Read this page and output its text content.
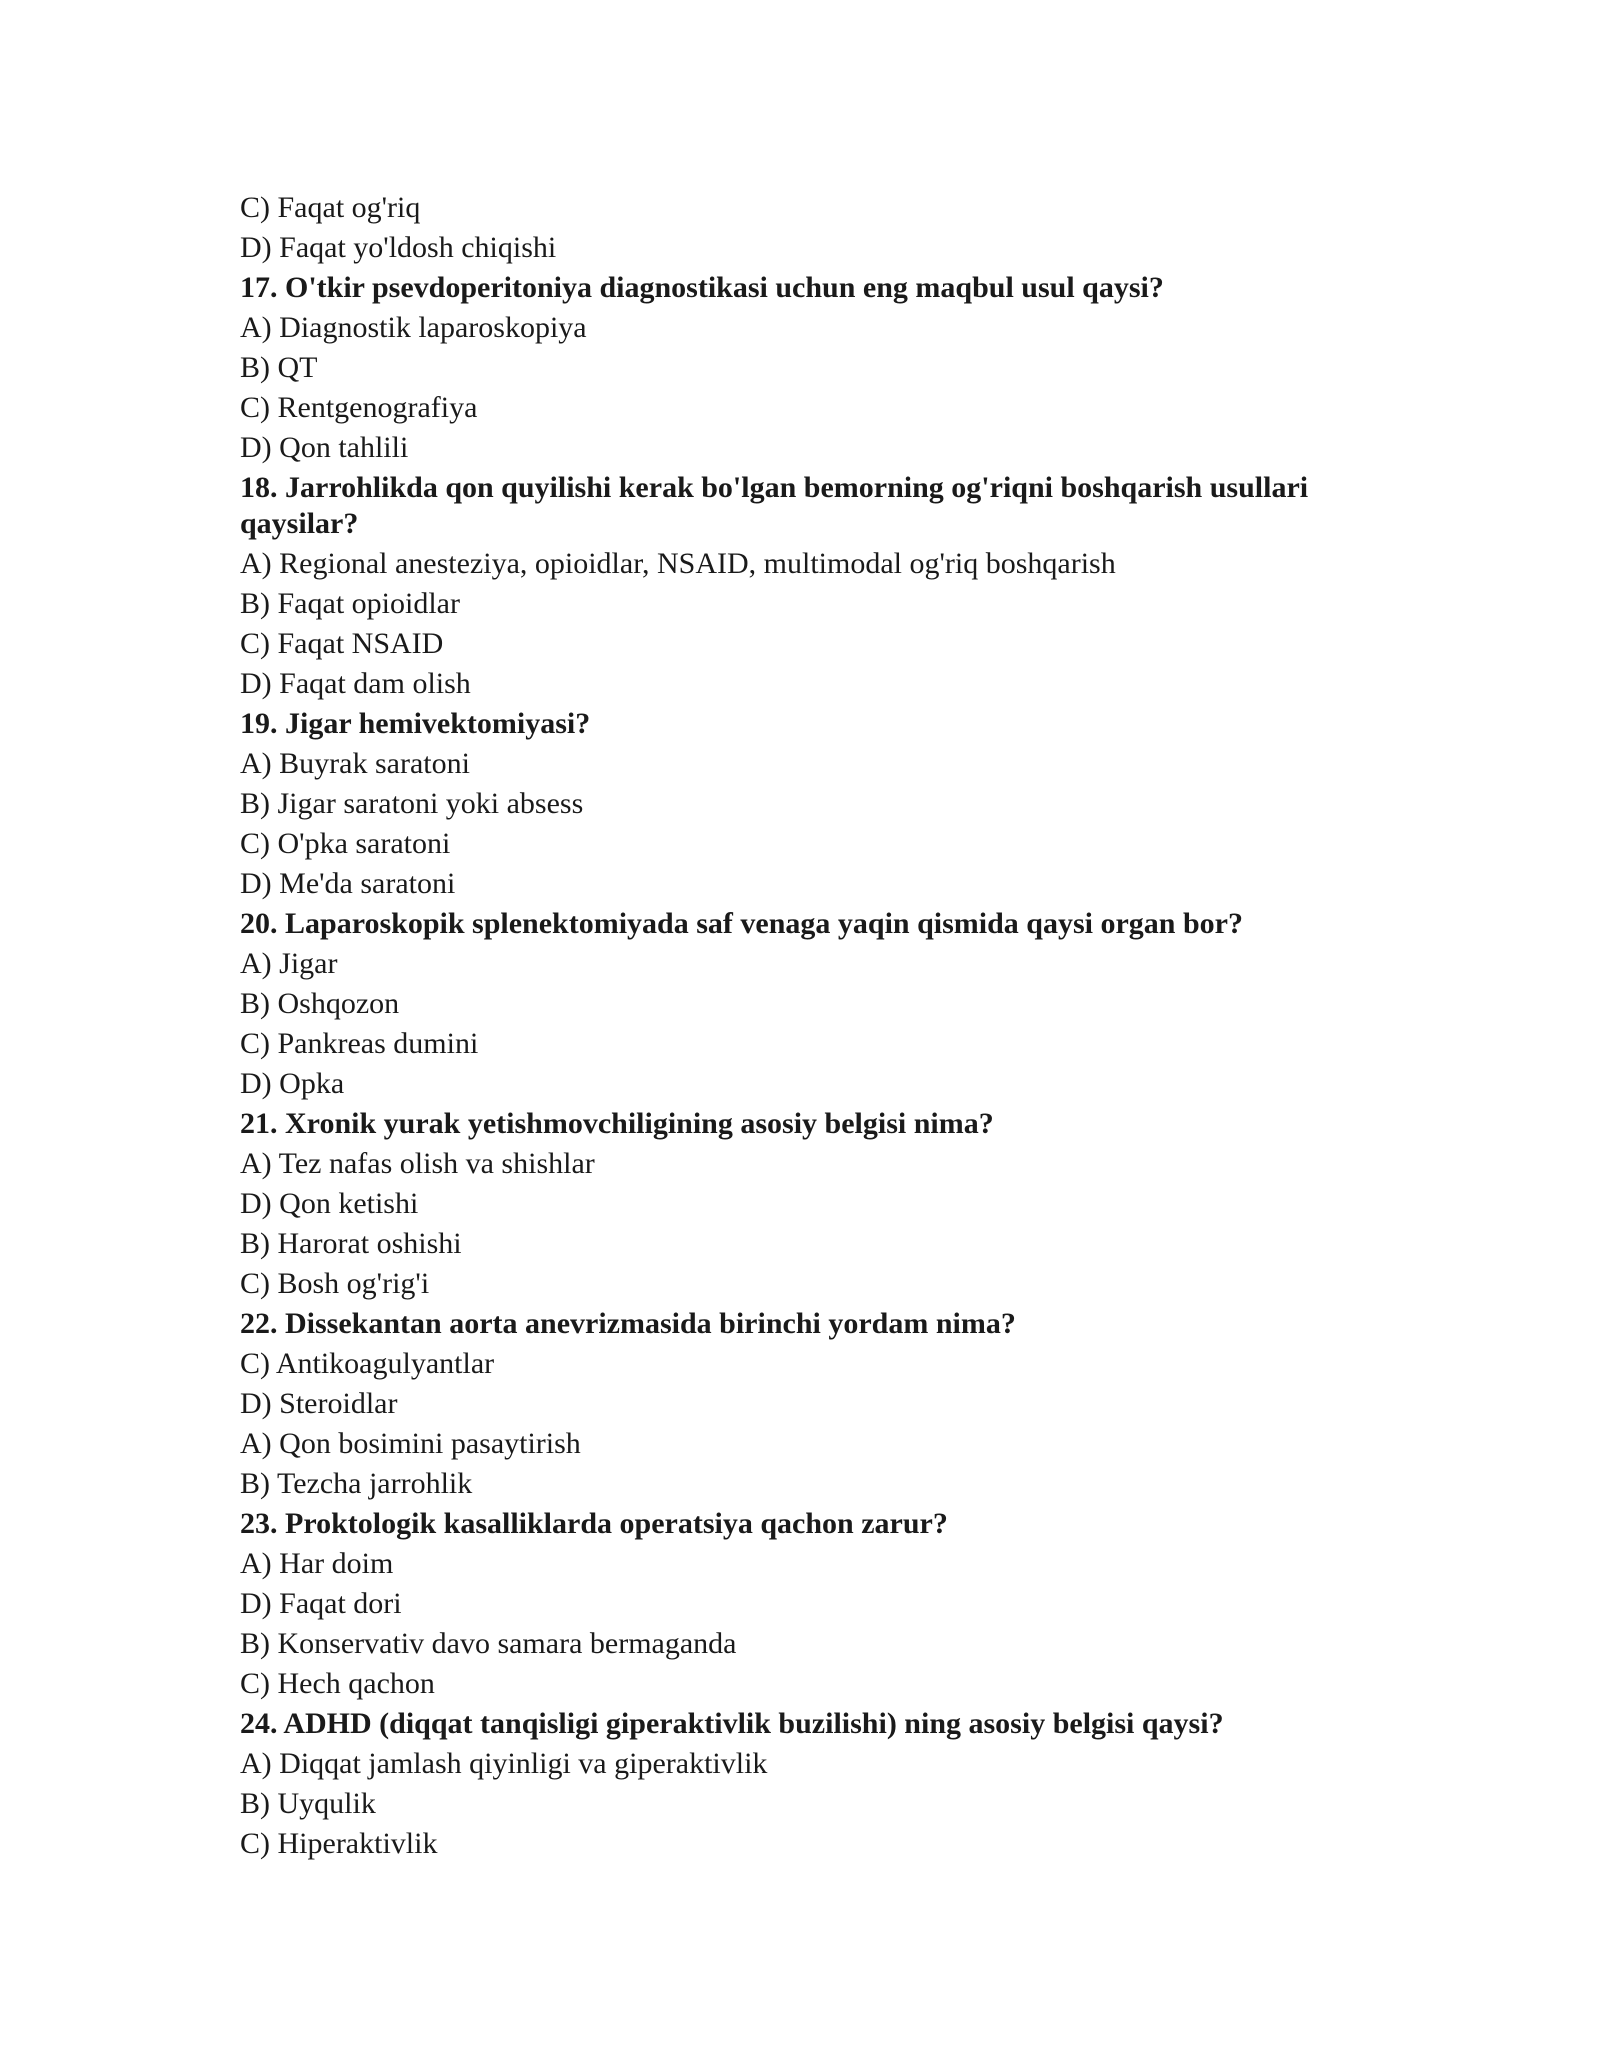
C) Faqat og'riq

D) Faqat yo'ldosh chiqishi

17. O'tkir psevdoperitoniya diagnostikasi uchun eng maqbul usul qaysi?

A) Diagnostik laparoskopiya

B) QT

C) Rentgenografiya

D) Qon tahlili

18. Jarrohlikda qon quyilishi kerak bo'lgan bemorning og'riqni boshqarish usullari qaysilar?

A) Regional anesteziya, opioidlar, NSAID, multimodal og'riq boshqarish

B) Faqat opioidlar

C) Faqat NSAID

D) Faqat dam olish

19. Jigar hemivektomiyasi?

A) Buyrak saratoni

B) Jigar saratoni yoki absess

C) O'pka saratoni

D) Me'da saratoni

20. Laparoskopik splenektomiyada saf venaga yaqin qismida qaysi organ bor?

A) Jigar

B) Oshqozon

C) Pankreas dumini

D) Opka

21. Xronik yurak yetishmovchiligining asosiy belgisi nima?

A) Tez nafas olish va shishlar

D) Qon ketishi

B) Harorat oshishi

C) Bosh og'rig'i

22. Dissekantan aorta anevrizmasida birinchi yordam nima?

C) Antikoagulyantlar

D) Steroidlar

A) Qon bosimini pasaytirish

B) Tezcha jarrohlik

23. Proktologik kasalliklarda operatsiya qachon zarur?

A) Har doim

D) Faqat dori

B) Konservativ davo samara bermaganda

C) Hech qachon

24. ADHD (diqqat tanqisligi giperaktivlik buzilishi) ning asosiy belgisi qaysi?

A) Diqqat jamlash qiyinligi va giperaktivlik

B) Uyqulik

C) Hiperaktivlik
